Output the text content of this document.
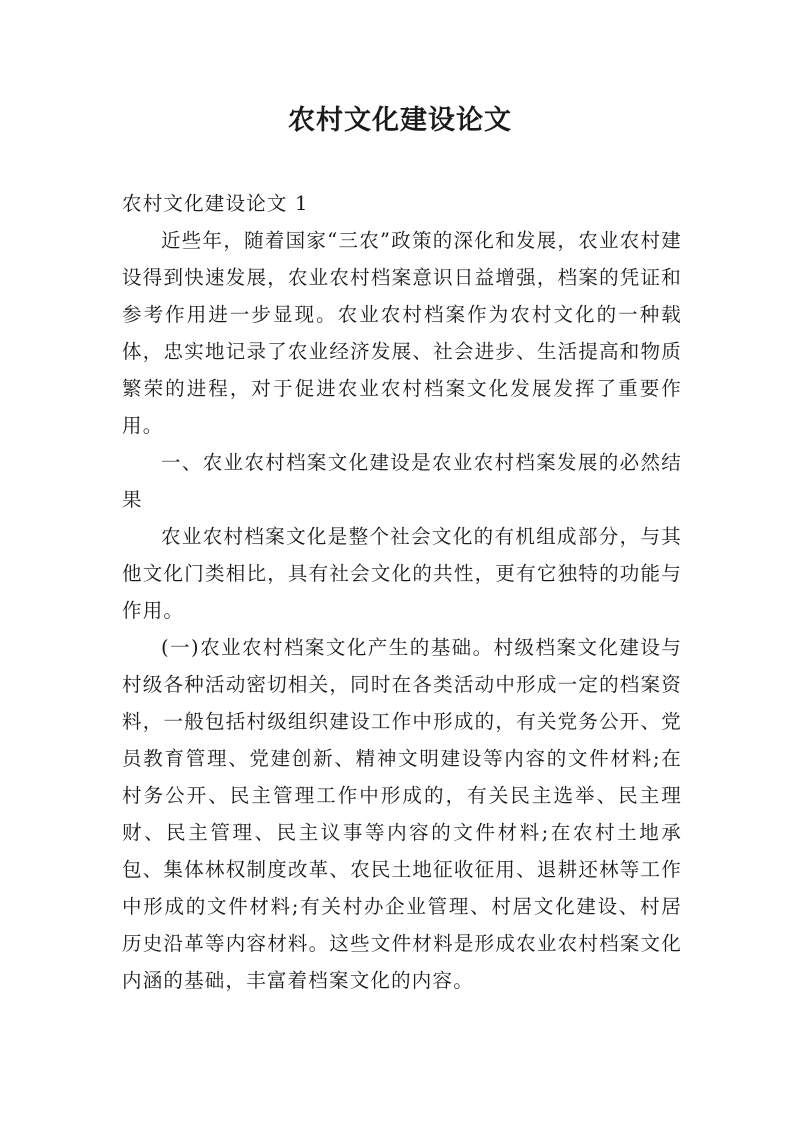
农村文化建设论文

农村文化建设论文 1

近些年，随着国家“三农”政策的深化和发展，农业农村建设得到快速发展，农业农村档案意识日益增强，档案的凭证和参考作用进一步显现。农业农村档案作为农村文化的一种载体，忠实地记录了农业经济发展、社会进步、生活提高和物质繁荣的进程，对于促进农业农村档案文化发展发挥了重要作用。

一、农业农村档案文化建设是农业农村档案发展的必然结果

农业农村档案文化是整个社会文化的有机组成部分，与其他文化门类相比，具有社会文化的共性，更有它独特的功能与作用。

(一)农业农村档案文化产生的基础。村级档案文化建设与村级各种活动密切相关，同时在各类活动中形成一定的档案资料，一般包括村级组织建设工作中形成的，有关党务公开、党员教育管理、党建创新、精神文明建设等内容的文件材料;在村务公开、民主管理工作中形成的，有关民主选举、民主理财、民主管理、民主议事等内容的文件材料;在农村土地承包、集体林权制度改革、农民土地征收征用、退耕还林等工作中形成的文件材料;有关村办企业管理、村居文化建设、村居历史沿革等内容材料。这些文件材料是形成农业农村档案文化内涵的基础，丰富着档案文化的内容。
